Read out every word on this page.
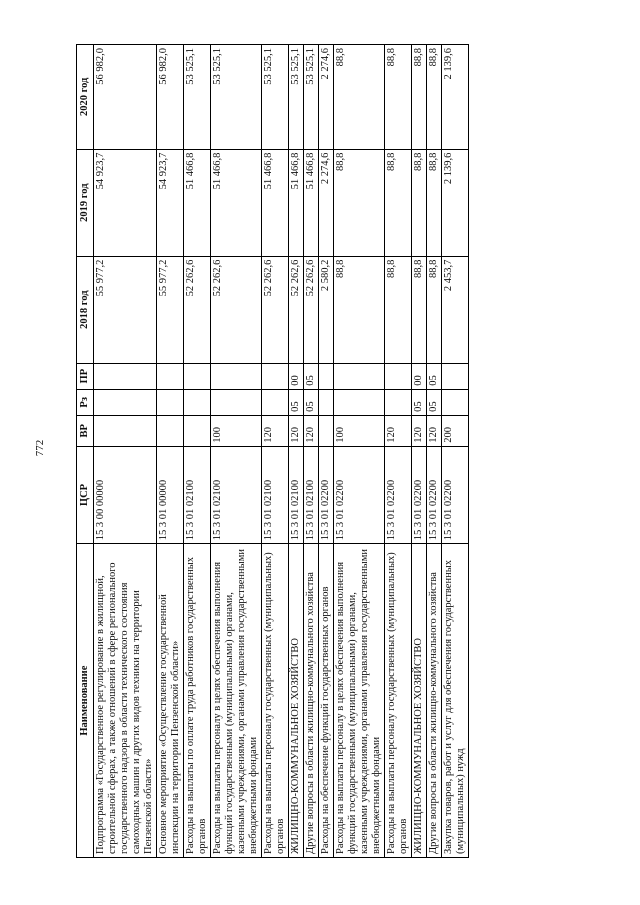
772
Наименование	ЦСР	ВР	Рз	ПР	2018 год	2019 год	2020 год
Подпрограмма «Государственное регулирование в жилищной, строительной сферах, а также отношений в сфере регионального государственного надзора в области технического состояния самоходных машин и других видов техники на территории Пензенской области»	15 3 00 00000				55 977,2	54 923,7	56 982,0
Основное мероприятие «Осуществление государственной инспекции на территории Пензенской области»	15 3 01 00000				55 977,2	54 923,7	56 982,0
Расходы на выплаты по оплате труда работников государственных органов	15 3 01 02100				52 262,6	51 466,8	53 525,1
Расходы на выплаты персоналу в целях обеспечения выполнения функций государственными (муниципальными) органами, казенными учреждениями, органами управления государственными внебюджетными фондами	15 3 01 02100	100			52 262,6	51 466,8	53 525,1
Расходы на выплаты персоналу государственных (муниципальных) органов	15 3 01 02100	120			52 262,6	51 466,8	53 525,1
ЖИЛИЩНО-КОММУНАЛЬНОЕ ХОЗЯЙСТВО	15 3 01 02100	120	05	00	52 262,6	51 466,8	53 525,1
Другие вопросы в области жилищно-коммунального хозяйства	15 3 01 02100	120	05	05	52 262,6	51 466,8	53 525,1
Расходы на обеспечение функций государственных органов	15 3 01 02200				2 580,2	2 274,6	2 274,6
Расходы на выплаты персоналу в целях обеспечения выполнения функций государственными (муниципальными) органами, казенными учреждениями, органами управления государственными внебюджетными фондами	15 3 01 02200	100			88,8	88,8	88,8
Расходы на выплаты персоналу государственных (муниципальных) органов	15 3 01 02200	120			88,8	88,8	88,8
ЖИЛИЩНО-КОММУНАЛЬНОЕ ХОЗЯЙСТВО	15 3 01 02200	120	05	00	88,8	88,8	88,8
Другие вопросы в области жилищно-коммунального хозяйства	15 3 01 02200	120	05	05	88,8	88,8	88,8
Закупка товаров, работ и услуг для обеспечения государственных (муниципальных) нужд	15 3 01 02200	200			2 453,7	2 139,6	2 139,6
